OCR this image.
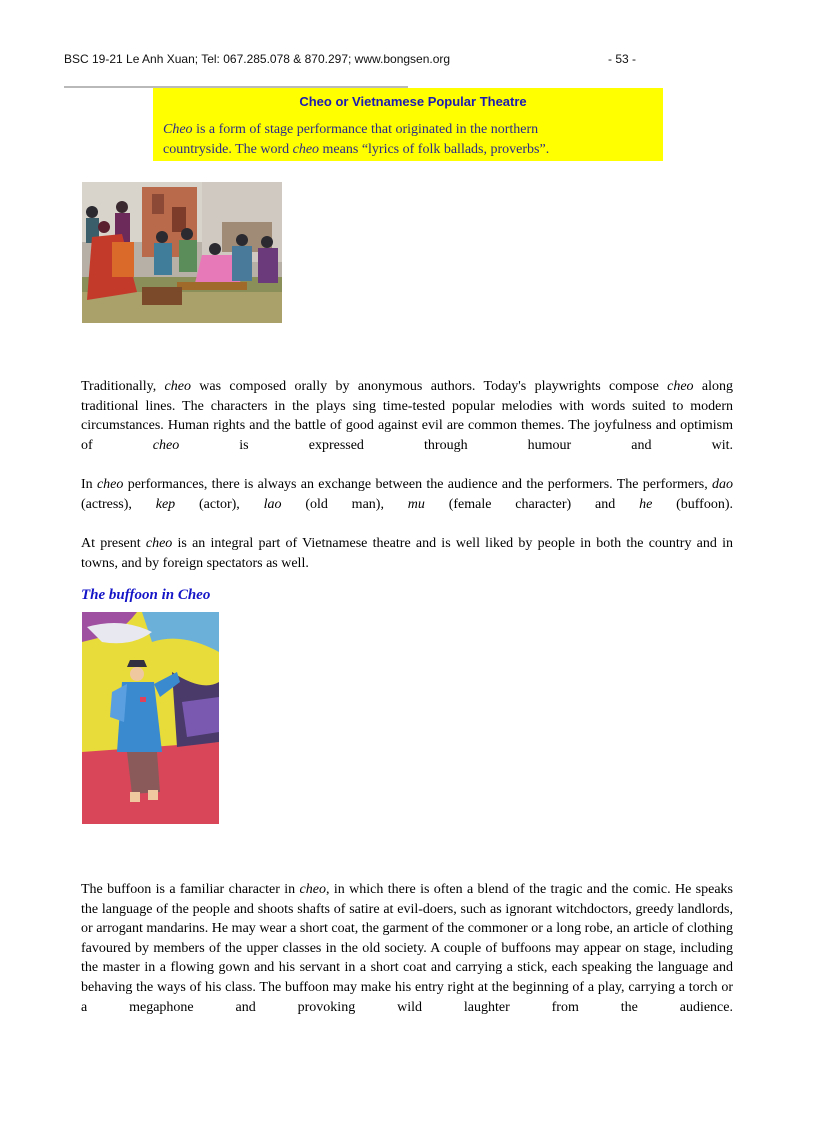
BSC 19-21 Le Anh Xuan; Tel: 067.285.078 & 870.297; www.bongsen.org	- 53 -
Cheo or Vietnamese Popular Theatre
Cheo is a form of stage performance that originated in the northern countryside. The word cheo means “lyrics of folk ballads, proverbs”.

Traditionally, cheo was composed orally by anonymous authors. Today's playwrights compose cheo along traditional lines. The characters in the plays sing time-tested popular melodies with words suited to modern circumstances. Human rights and the battle of good against evil are common themes. The joyfulness and optimism of cheo is expressed through humour and wit.

In cheo performances, there is always an exchange between the audience and the performers. The performers, dao (actress), kep (actor), lao (old man), mu (female character) and he (buffoon).

At present cheo is an integral part of Vietnamese theatre and is well liked by people in both the country and in towns, and by foreign spectators as well.

The buffoon in Cheo

The buffoon is a familiar character in cheo, in which there is often a blend of the tragic and the comic. He speaks the language of the people and shoots shafts of satire at evil-doers, such as ignorant witchdoctors, greedy landlords, or arrogant mandarins. He may wear a short coat, the garment of the commoner or a long robe, an article of clothing favoured by members of the upper classes in the old society. A couple of buffoons may appear on stage, including the master in a flowing gown and his servant in a short coat and carrying a stick, each speaking the language and behaving the ways of his class. The buffoon may make his entry right at the beginning of a play, carrying a torch or a megaphone and provoking wild laughter from the audience.
